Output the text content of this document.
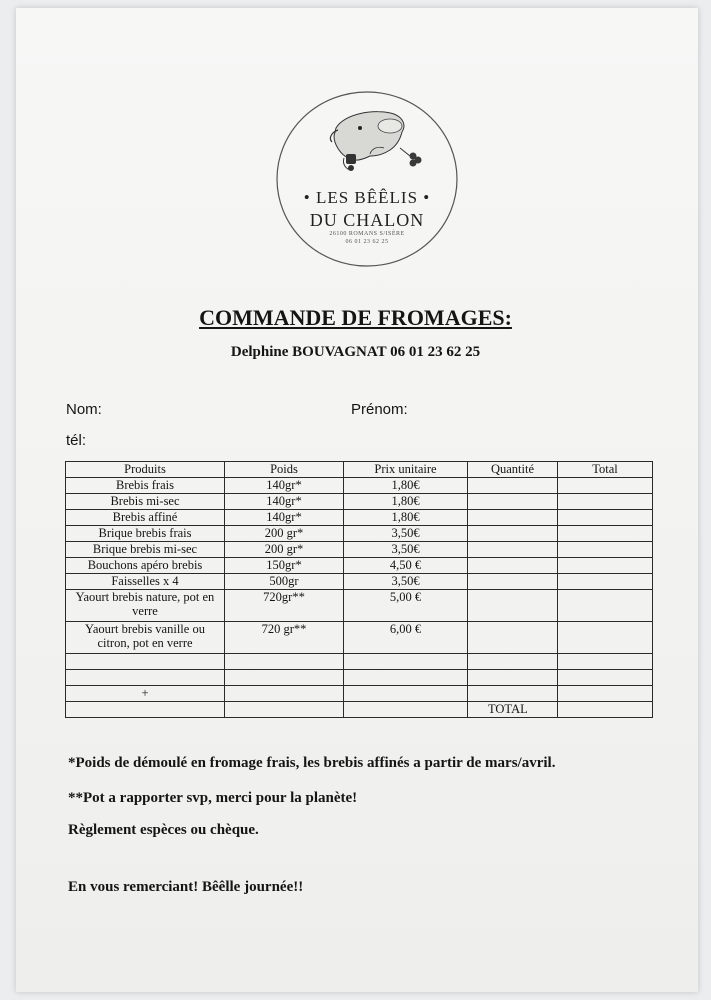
• LES BÊÊLIS •
DU CHALON
26100 ROMANS S/ISÈRE
06 01 23 62 25
COMMANDE DE FROMAGES:
Delphine BOUVAGNAT 06 01 23 62 25
Nom:	Prénom:
tél:
Produits	Poids	Prix unitaire	Quantité	Total
Brebis frais	140gr*	1,80€		
Brebis mi-sec	140gr*	1,80€		
Brebis affiné	140gr*	1,80€		
Brique brebis frais	200 gr*	3,50€		
Brique brebis mi-sec	200 gr*	3,50€		
Bouchons apéro brebis	150gr*	4,50 €		
Faisselles x 4	500gr	3,50€		
Yaourt brebis nature, pot en verre	720gr**	5,00 €		
Yaourt brebis vanille ou citron, pot en verre	720 gr**	6,00 €		

+				
			TOTAL	
*Poids de démoulé en fromage frais, les brebis affinés a partir de mars/avril.
**Pot a rapporter svp, merci pour la planète!
Règlement espèces ou chèque.
En vous remerciant! Bêêlle journée!!
